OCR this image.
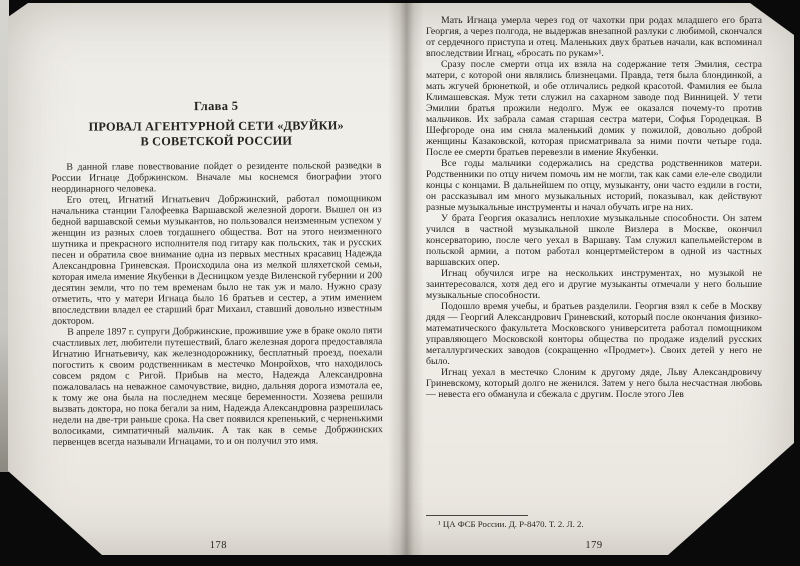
Глава 5
ПРОВАЛ АГЕНТУРНОЙ СЕТИ «ДВУЙКИ»
В СОВЕТСКОЙ РОССИИ

В данной главе повествование пойдет о резиденте польской разведки в России Игнаце Добржинском. Вначале мы коснемся биографии этого неординарного человека.

Его отец, Игнатий Игнатьевич Добржинский, работал помощником начальника станции Галофеевка Варшавской железной дороги. Вышел он из бедной варшавской семьи музыкантов, но пользовался неизменным успехом у женщин из разных слоев тогдашнего общества. Вот на этого неизменного шутника и прекрасного исполнителя под гитару как польских, так и русских песен и обратила свое внимание одна из первых местных красавиц Надежда Александровна Гриневская. Происходила она из мелкой шляхетской семьи, которая имела имение Якубенки в Десницком уезде Виленской губернии и 200 десятин земли, что по тем временам было не так уж и мало. Нужно сразу отметить, что у матери Игнаца было 16 братьев и сестер, а этим имением впоследствии владел ее старший брат Михаил, ставший довольно известным доктором.

В апреле 1897 г. супруги Добржинские, прожившие уже в браке около пяти счастливых лет, любители путешествий, благо железная дорога предоставляла Игнатию Игнатьевичу, как железнодорожнику, бесплатный проезд, поехали погостить к своим родственникам в местечко Монройхов, что находилось совсем рядом с Ригой. Прибыв на место, Надежда Александровна пожаловалась на неважное самочувствие, видно, дальняя дорога измотала ее, к тому же она была на последнем месяце беременности. Хозяева решили вызвать доктора, но пока бегали за ним, Надежда Александровна разрешилась недели на две-три раньше срока. На свет появился крепенький, с черненькими волосиками, симпатичный мальчик. А так как в семье Добржинских первенцев всегда называли Игнацами, то и он получил это имя.

178

Мать Игнаца умерла через год от чахотки при родах младшего его брата Георгия, а через полгода, не выдержав внезапной разлуки с любимой, скончался от сердечного приступа и отец. Маленьких двух братьев начали, как вспоминал впоследствии Игнац, «бросать по рукам»¹.

Сразу после смерти отца их взяла на содержание тетя Эмилия, сестра матери, с которой они являлись близнецами. Правда, тетя была блондинкой, а мать жгучей брюнеткой, и обе отличались редкой красотой. Фамилия ее была Климашевская. Муж тети служил на сахарном заводе под Винницей. У тети Эмилии братья прожили недолго. Муж ее оказался почему-то против мальчиков. Их забрала самая старшая сестра матери, Софья Городецкая. В Шефгороде она им сняла маленький домик у пожилой, довольно доброй женщины Казаковской, которая присматривала за ними почти четыре года. После ее смерти братьев перевезли в имение Якубенки.

Все годы мальчики содержались на средства родственников матери. Родственники по отцу ничем помочь им не могли, так как сами еле-еле сводили концы с концами. В дальнейшем по отцу, музыканту, они часто ездили в гости, он рассказывал им много музыкальных историй, показывал, как действуют разные музыкальные инструменты и начал обучать игре на них.

У брата Георгия оказались неплохие музыкальные способности. Он затем учился в частной музыкальной школе Визлера в Москве, окончил консерваторию, после чего уехал в Варшаву. Там служил капельмейстером в польской армии, а потом работал концертмейстером в одной из частных варшавских опер.

Игнац обучился игре на нескольких инструментах, но музыкой не заинтересовался, хотя дед его и другие музыканты отмечали у него большие музыкальные способности.

Подошло время учебы, и братьев разделили. Георгия взял к себе в Москву дядя — Георгий Александрович Гриневский, который после окончания физико-математического факультета Московского университета работал помощником управляющего Московской конторы общества по продаже изделий русских металлургических заводов (сокращенно «Продмет»). Своих детей у него не было.

Игнац уехал в местечко Слоним к другому дяде, Льву Александровичу Гриневскому, который долго не женился. Затем у него была несчастная любовь — невеста его обманула и сбежала с другим. После этого Лев

¹ ЦА ФСБ России. Д. Р-8470. Т. 2. Л. 2.
179
